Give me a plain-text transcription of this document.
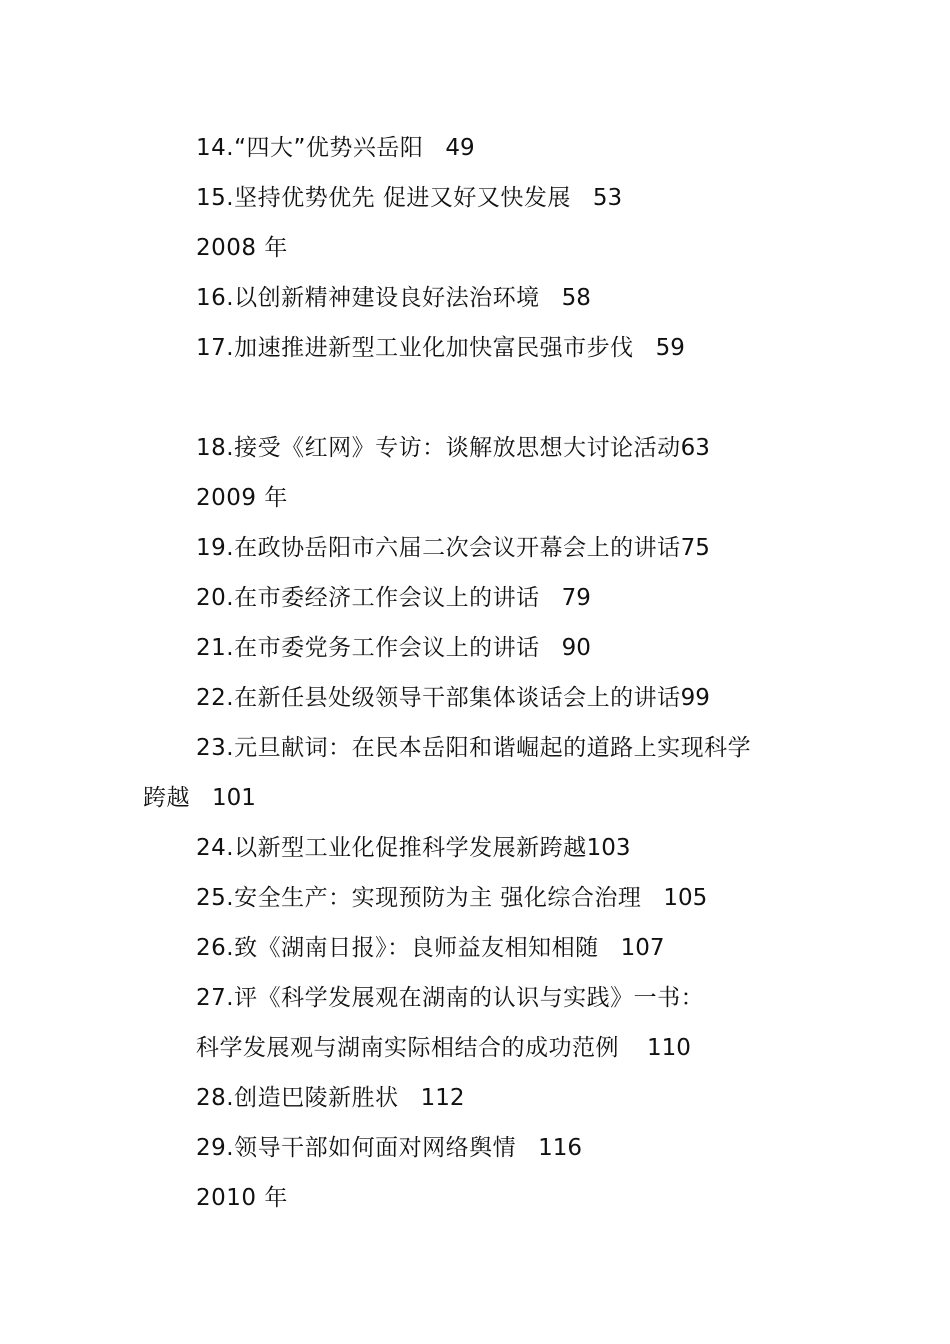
14.“四大”优势兴岳阳 49
15.坚持优势优先 促进又好又快发展 53
2008 年
16.以创新精神建设良好法治环境 58
17.加速推进新型工业化加快富民强市步伐 59
18.接受《红网》专访：谈解放思想大讨论活动63
2009 年
19.在政协岳阳市六届二次会议开幕会上的讲话75
20.在市委经济工作会议上的讲话 79
21.在市委党务工作会议上的讲话 90
22.在新任县处级领导干部集体谈话会上的讲话99
23.元旦献词：在民本岳阳和谐崛起的道路上实现科学
跨越 101
24.以新型工业化促推科学发展新跨越103
25.安全生产：实现预防为主 强化综合治理 105
26.致《湖南日报》：良师益友相知相随 107
27.评《科学发展观在湖南的认识与实践》一书：
科学发展观与湖南实际相结合的成功范例 110
28.创造巴陵新胜状 112
29.领导干部如何面对网络舆情 116
2010 年
